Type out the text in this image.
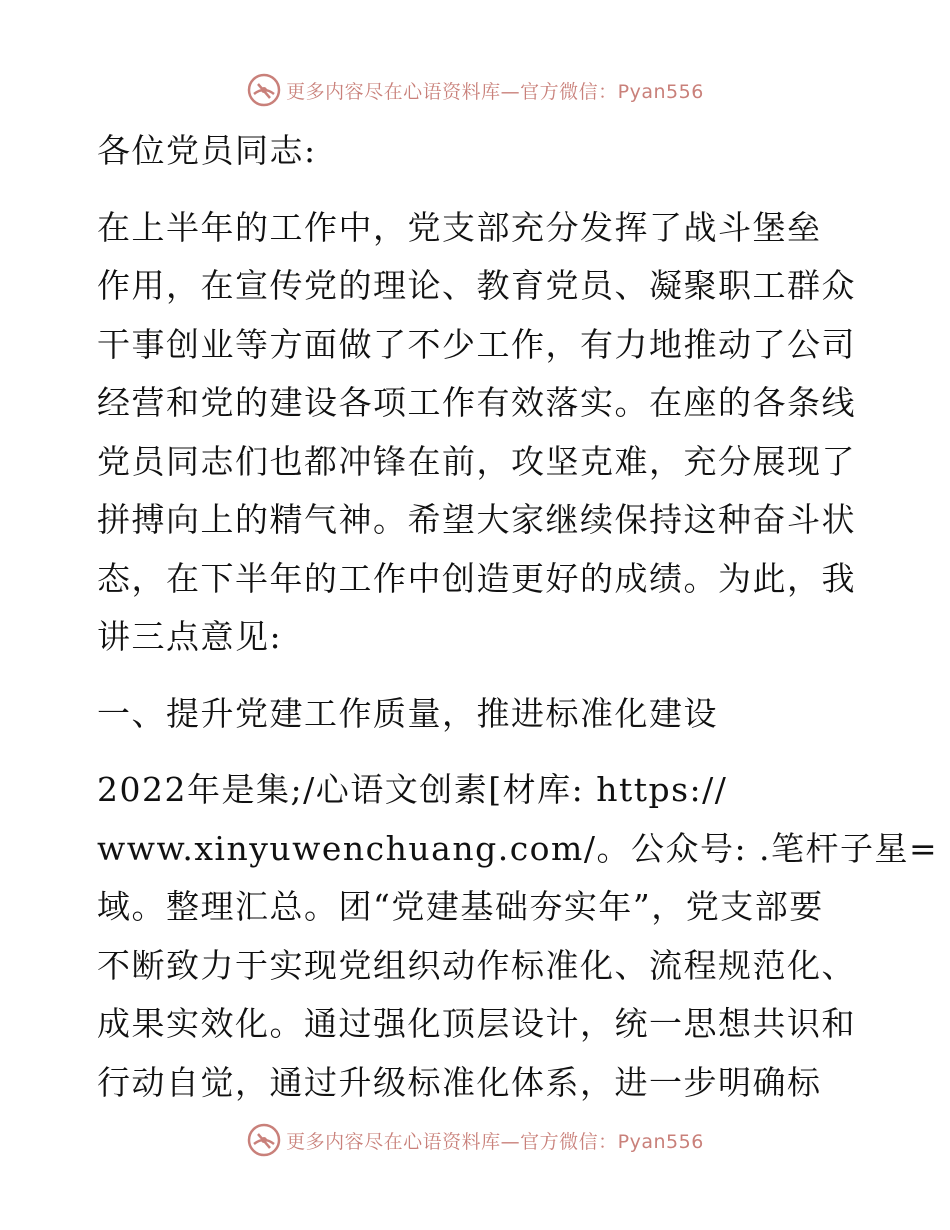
更多内容尽在心语资料库—官方微信：Pyan556

各位党员同志:

在上半年的工作中，党支部充分发挥了战斗堡垒
作用，在宣传党的理论、教育党员、凝聚职工群众
干事创业等方面做了不少工作，有力地推动了公司
经营和党的建设各项工作有效落实。在座的各条线
党员同志们也都冲锋在前，攻坚克难，充分展现了
拼搏向上的精气神。希望大家继续保持这种奋斗状
态，在下半年的工作中创造更好的成绩。为此，我
讲三点意见:

一、提升党建工作质量，推进标准化建设

2022年是集;/心语文创素[材库: https://
www.xinyuwenchuang.com/。公众号: .笔杆子星=
域。整理汇总。团“党建基础夯实年”，党支部要
不断致力于实现党组织动作标准化、流程规范化、
成果实效化。通过强化顶层设计，统一思想共识和
行动自觉，通过升级标准化体系，进一步明确标
更多内容尽在心语资料库—官方微信：Pyan556
